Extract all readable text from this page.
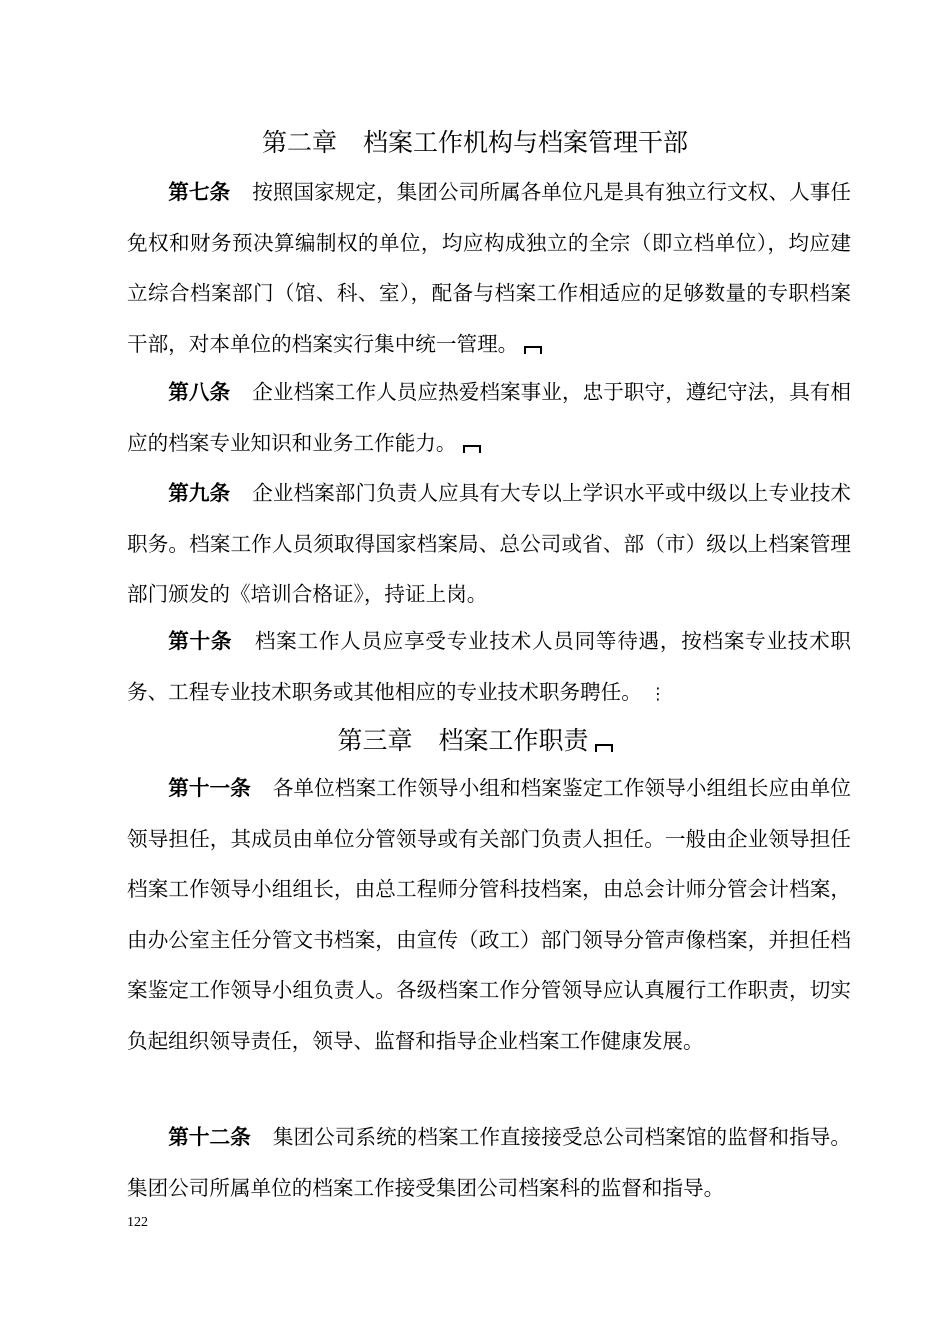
第二章 档案工作机构与档案管理干部

第七条 按照国家规定，集团公司所属各单位凡是具有独立行文权、人事任免权和财务预决算编制权的单位，均应构成独立的全宗（即立档单位），均应建立综合档案部门（馆、科、室），配备与档案工作相适应的足够数量的专职档案干部，对本单位的档案实行集中统一管理。

第八条 企业档案工作人员应热爱档案事业，忠于职守，遵纪守法，具有相应的档案专业知识和业务工作能力。

第九条 企业档案部门负责人应具有大专以上学识水平或中级以上专业技术职务。档案工作人员须取得国家档案局、总公司或省、部（市）级以上档案管理部门颁发的《培训合格证》，持证上岗。

第十条 档案工作人员应享受专业技术人员同等待遇，按档案专业技术职务、工程专业技术职务或其他相应的专业技术职务聘任。 ⋮

第三章 档案工作职责

第十一条 各单位档案工作领导小组和档案鉴定工作领导小组组长应由单位领导担任，其成员由单位分管领导或有关部门负责人担任。一般由企业领导担任档案工作领导小组组长，由总工程师分管科技档案，由总会计师分管会计档案，由办公室主任分管文书档案，由宣传（政工）部门领导分管声像档案，并担任档案鉴定工作领导小组负责人。各级档案工作分管领导应认真履行工作职责，切实负起组织领导责任，领导、监督和指导企业档案工作健康发展。

第十二条 集团公司系统的档案工作直接接受总公司档案馆的监督和指导。集团公司所属单位的档案工作接受集团公司档案科的监督和指导。

122
